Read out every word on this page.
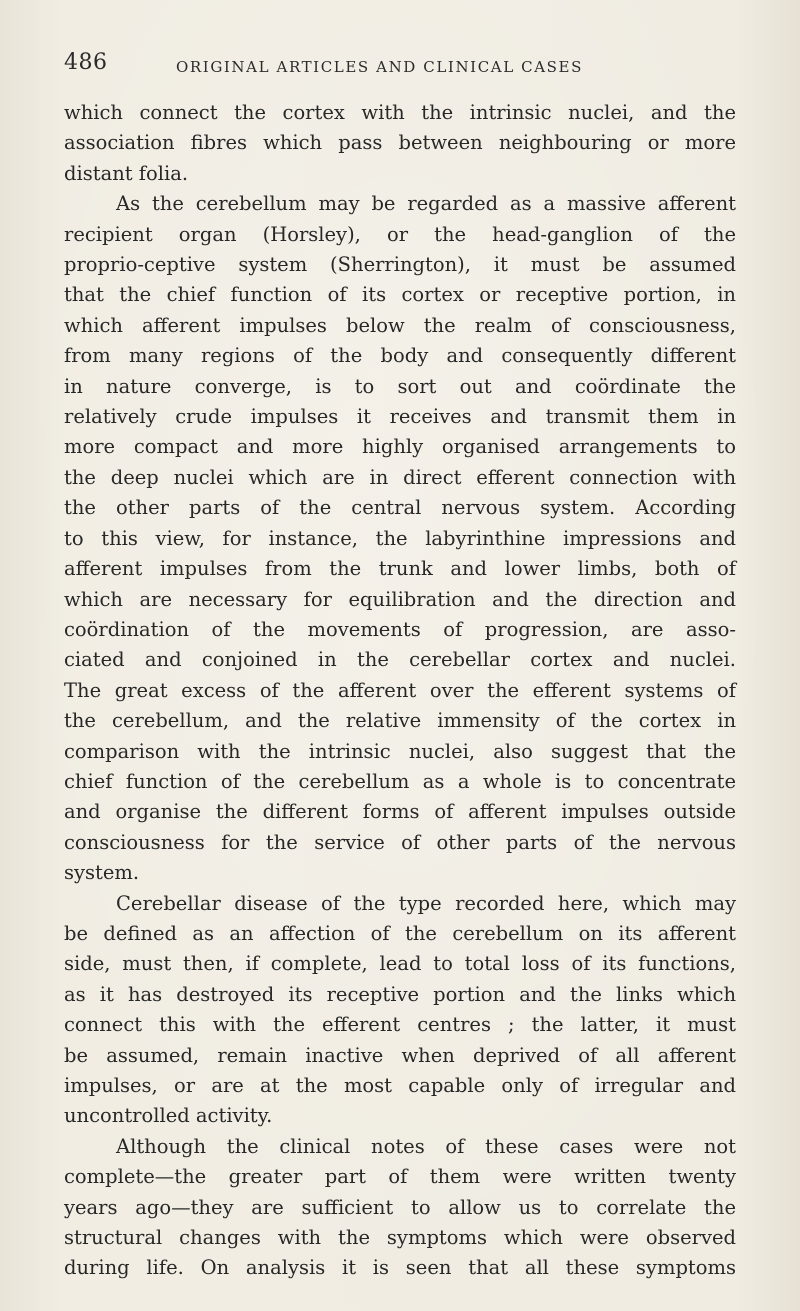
486	ORIGINAL ARTICLES AND CLINICAL CASES
which connect the cortex with the intrinsic nuclei, and the
association fibres which pass between neighbouring or more
distant folia.
As the cerebellum may be regarded as a massive afferent
recipient organ (Horsley), or the head-ganglion of the
proprio-ceptive system (Sherrington), it must be assumed
that the chief function of its cortex or receptive portion, in
which afferent impulses below the realm of consciousness,
from many regions of the body and consequently different
in nature converge, is to sort out and coördinate the
relatively crude impulses it receives and transmit them in
more compact and more highly organised arrangements to
the deep nuclei which are in direct efferent connection with
the other parts of the central nervous system. According
to this view, for instance, the labyrinthine impressions and
afferent impulses from the trunk and lower limbs, both of
which are necessary for equilibration and the direction and
coördination of the movements of progression, are asso-
ciated and conjoined in the cerebellar cortex and nuclei.
The great excess of the afferent over the efferent systems of
the cerebellum, and the relative immensity of the cortex in
comparison with the intrinsic nuclei, also suggest that the
chief function of the cerebellum as a whole is to concentrate
and organise the different forms of afferent impulses outside
consciousness for the service of other parts of the nervous
system.
Cerebellar disease of the type recorded here, which may
be defined as an affection of the cerebellum on its afferent
side, must then, if complete, lead to total loss of its functions,
as it has destroyed its receptive portion and the links which
connect this with the efferent centres ; the latter, it must
be assumed, remain inactive when deprived of all afferent
impulses, or are at the most capable only of irregular and
uncontrolled activity.
Although the clinical notes of these cases were not
complete—the greater part of them were written twenty
years ago—they are sufficient to allow us to correlate the
structural changes with the symptoms which were observed
during life. On analysis it is seen that all these symptoms
